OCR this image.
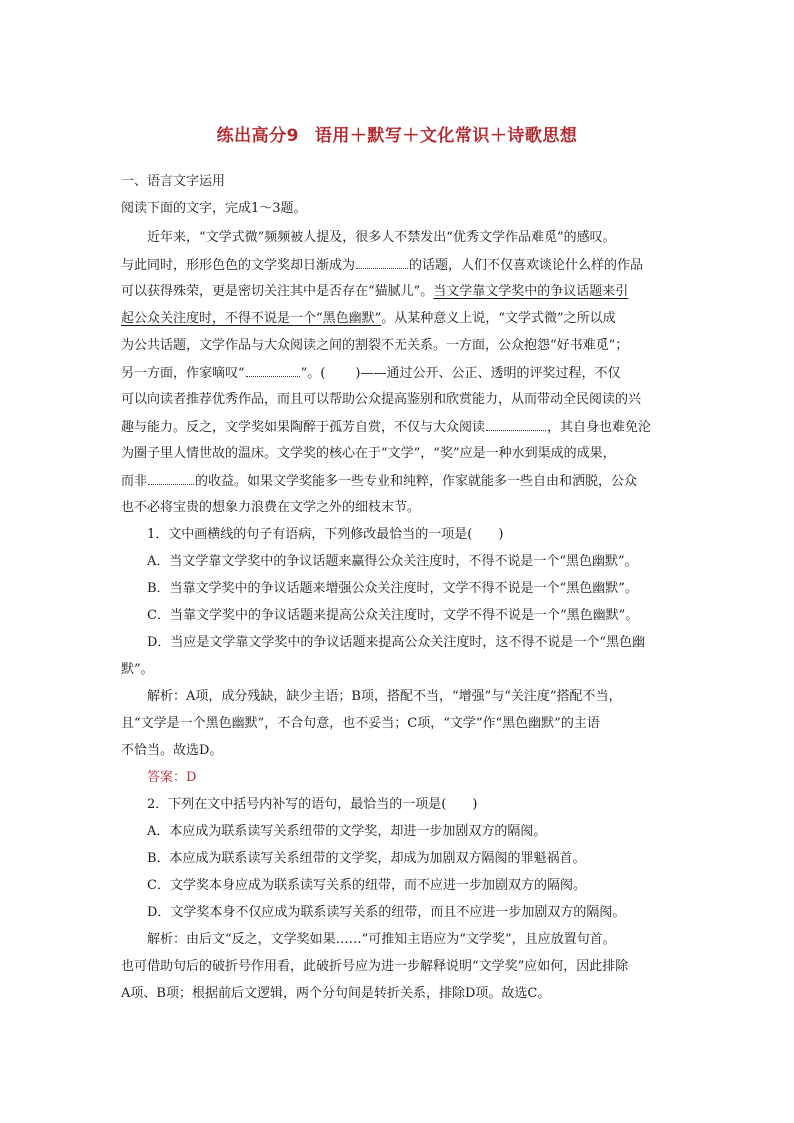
练出高分9 语用＋默写＋文化常识＋诗歌思想
一、语言文字运用
阅读下面的文字，完成1～3题。
近年来，“文学式微”频频被人提及，很多人不禁发出“优秀文学作品难觅”的感叹。
与此同时，形形色色的文学奖却日渐成为	的话题，人们不仅喜欢谈论什么样的作品
可以获得殊荣，更是密切关注其中是否存在“猫腻儿”。当文学靠文学奖中的争议话题来引
起公众关注度时，不得不说是一个“黑色幽默”。从某种意义上说，“文学式微”之所以成
为公共话题，文学作品与大众阅读之间的割裂不无关系。一方面，公众抱怨“好书难觅”；
另一方面，作家嘀叹“	”。( )——通过公开、公正、透明的评奖过程，不仅
可以向读者推荐优秀作品，而且可以帮助公众提高鉴别和欣赏能力，从而带动全民阅读的兴
趣与能力。反之，文学奖如果陶醉于孤芳自赏，不仅与大众阅读	，其自身也难免沦
为圈子里人情世故的温床。文学奖的核心在于“文学”，“奖”应是一种水到渠成的成果，
而非	的收益。如果文学奖能多一些专业和纯粹，作家就能多一些自由和洒脱，公众
也不必将宝贵的想象力浪费在文学之外的细枝末节。
1．文中画横线的句子有语病，下列修改最恰当的一项是(　　)
A．当文学靠文学奖中的争议话题来赢得公众关注度时，不得不说是一个“黑色幽默”。
B．当靠文学奖中的争议话题来增强公众关注度时，文学不得不说是一个“黑色幽默”。
C．当靠文学奖中的争议话题来提高公众关注度时，文学不得不说是一个“黑色幽默”。
D．当应是文学靠文学奖中的争议话题来提高公众关注度时，这不得不说是一个“黑色幽
默”。
解析：A项，成分残缺，缺少主语；B项，搭配不当，“增强”与“关注度”搭配不当，
且“文学是一个黑色幽默”，不合句意，也不妥当；C项，“文学”作“黑色幽默”的主语
不恰当。故选D。
答案：D
2．下列在文中括号内补写的语句，最恰当的一项是(　　)
A．本应成为联系读写关系纽带的文学奖，却进一步加剧双方的隔阂。
B．本应成为联系读写关系纽带的文学奖，却成为加剧双方隔阂的罪魁祸首。
C．文学奖本身应成为联系读写关系的纽带，而不应进一步加剧双方的隔阂。
D．文学奖本身不仅应成为联系读写关系的纽带，而且不应进一步加剧双方的隔阂。
解析：由后文“反之，文学奖如果……”可推知主语应为“文学奖”，且应放置句首。
也可借助句后的破折号作用看，此破折号应为进一步解释说明“文学奖”应如何，因此排除
A项、B项；根据前后文逻辑，两个分句间是转折关系，排除D项。故选C。
